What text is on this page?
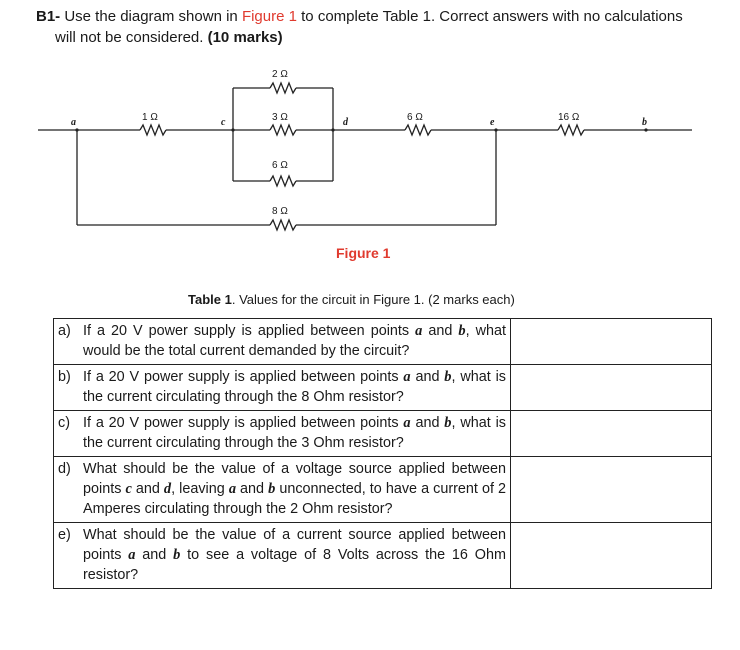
B1- Use the diagram shown in Figure 1 to complete Table 1. Correct answers with no calculations
will not be considered. (10 marks)
1 Ω
2 Ω
3 Ω
6 Ω
8 Ω
6 Ω	16 Ω
a	c	d	e	b
Figure 1
Table 1. Values for the circuit in Figure 1. (2 marks each)
a) If a 20 V power supply is applied between points a and b, what would be the total current demanded by the circuit?	

b) If a 20 V power supply is applied between points a and b, what is the current circulating through the 8 Ohm resistor?	

c) If a 20 V power supply is applied between points a and b, what is the current circulating through the 3 Ohm resistor?	

d) What should be the value of a voltage source applied between points c and d, leaving a and b unconnected, to have a current of 2 Amperes circulating through the 2 Ohm resistor?	

e) What should be the value of a current source applied between points a and b to see a voltage of 8 Volts across the 16 Ohm resistor?	
